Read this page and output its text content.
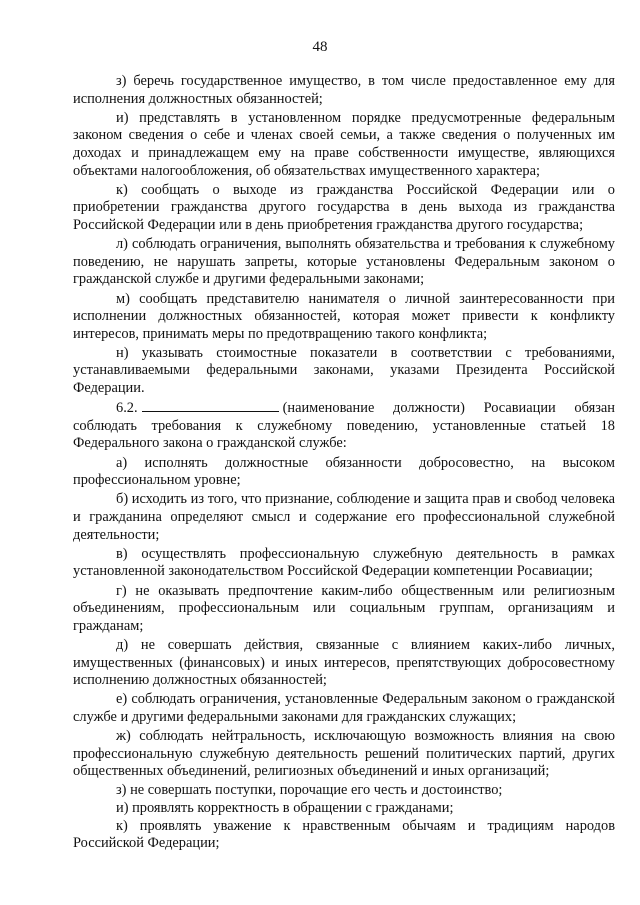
48

з) беречь государственное имущество, в том числе предоставленное ему для исполнения должностных обязанностей;

и) представлять в установленном порядке предусмотренные федеральным законом сведения о себе и членах своей семьи, а также сведения о полученных им доходах и принадлежащем ему на праве собственности имуществе, являющихся объектами налогообложения, об обязательствах имущественного характера;

к) сообщать о выходе из гражданства Российской Федерации или о приобретении гражданства другого государства в день выхода из гражданства Российской Федерации или в день приобретения гражданства другого государства;

л) соблюдать ограничения, выполнять обязательства и требования к служебному поведению, не нарушать запреты, которые установлены Федеральным законом о гражданской службе и другими федеральными законами;

м) сообщать представителю нанимателя о личной заинтересованности при исполнении должностных обязанностей, которая может привести к конфликту интересов, принимать меры по предотвращению такого конфликта;

н) указывать стоимостные показатели в соответствии с требованиями, устанавливаемыми федеральными законами, указами Президента Российской Федерации.

6.2.	(наименование должности) Росавиации обязан соблюдать требования к служебному поведению, установленные статьей 18 Федерального закона о гражданской службе:

а) исполнять должностные обязанности добросовестно, на высоком профессиональном уровне;

б) исходить из того, что признание, соблюдение и защита прав и свобод человека и гражданина определяют смысл и содержание его профессиональной служебной деятельности;

в) осуществлять профессиональную служебную деятельность в рамках установленной законодательством Российской Федерации компетенции Росавиации;

г) не оказывать предпочтение каким-либо общественным или религиозным объединениям, профессиональным или социальным группам, организациям и гражданам;

д) не совершать действия, связанные с влиянием каких-либо личных, имущественных (финансовых) и иных интересов, препятствующих добросовестному исполнению должностных обязанностей;

е) соблюдать ограничения, установленные Федеральным законом о гражданской службе и другими федеральными законами для гражданских служащих;

ж) соблюдать нейтральность, исключающую возможность влияния на свою профессиональную служебную деятельность решений политических партий, других общественных объединений, религиозных объединений и иных организаций;

з) не совершать поступки, порочащие его честь и достоинство;

и) проявлять корректность в обращении с гражданами;

к) проявлять уважение к нравственным обычаям и традициям народов Российской Федерации;
